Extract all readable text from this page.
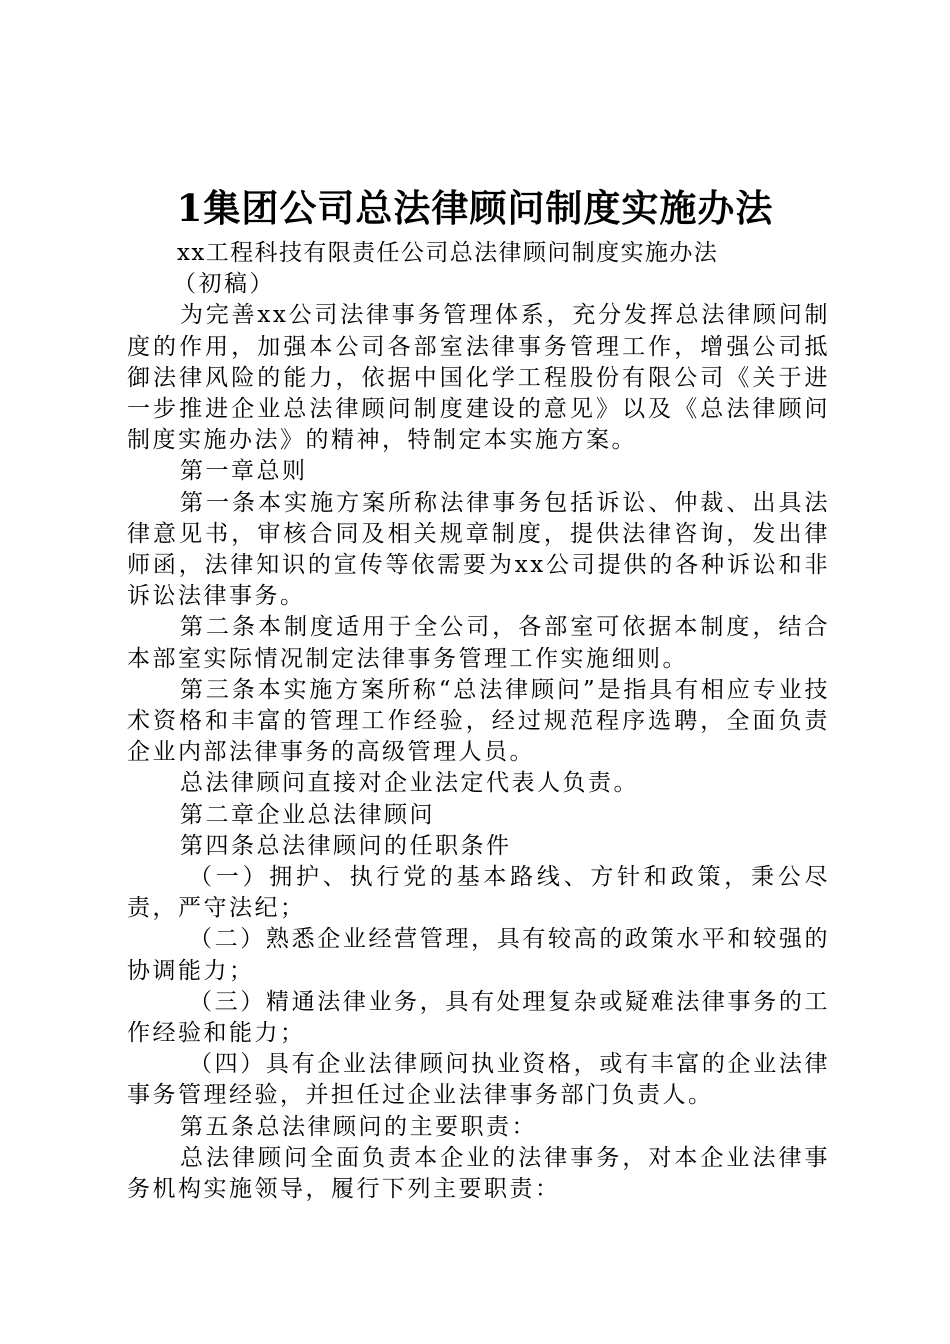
1集团公司总法律顾问制度实施办法

xx工程科技有限责任公司总法律顾问制度实施办法

（初稿）

为完善xx公司法律事务管理体系，充分发挥总法律顾问制度的作用，加强本公司各部室法律事务管理工作，增强公司抵御法律风险的能力，依据中国化学工程股份有限公司《关于进一步推进企业总法律顾问制度建设的意见》以及《总法律顾问制度实施办法》的精神，特制定本实施方案。

第一章总则

第一条本实施方案所称法律事务包括诉讼、仲裁、出具法律意见书，审核合同及相关规章制度，提供法律咨询，发出律师函，法律知识的宣传等依需要为xx公司提供的各种诉讼和非诉讼法律事务。

第二条本制度适用于全公司，各部室可依据本制度，结合本部室实际情况制定法律事务管理工作实施细则。

第三条本实施方案所称“总法律顾问”是指具有相应专业技术资格和丰富的管理工作经验，经过规范程序选聘，全面负责企业内部法律事务的高级管理人员。

总法律顾问直接对企业法定代表人负责。

第二章企业总法律顾问

第四条总法律顾问的任职条件

（一）拥护、执行党的基本路线、方针和政策，秉公尽责，严守法纪；

（二）熟悉企业经营管理，具有较高的政策水平和较强的协调能力；

（三）精通法律业务，具有处理复杂或疑难法律事务的工作经验和能力；

（四）具有企业法律顾问执业资格，或有丰富的企业法律事务管理经验，并担任过企业法律事务部门负责人。

第五条总法律顾问的主要职责：

总法律顾问全面负责本企业的法律事务，对本企业法律事务机构实施领导，履行下列主要职责：
